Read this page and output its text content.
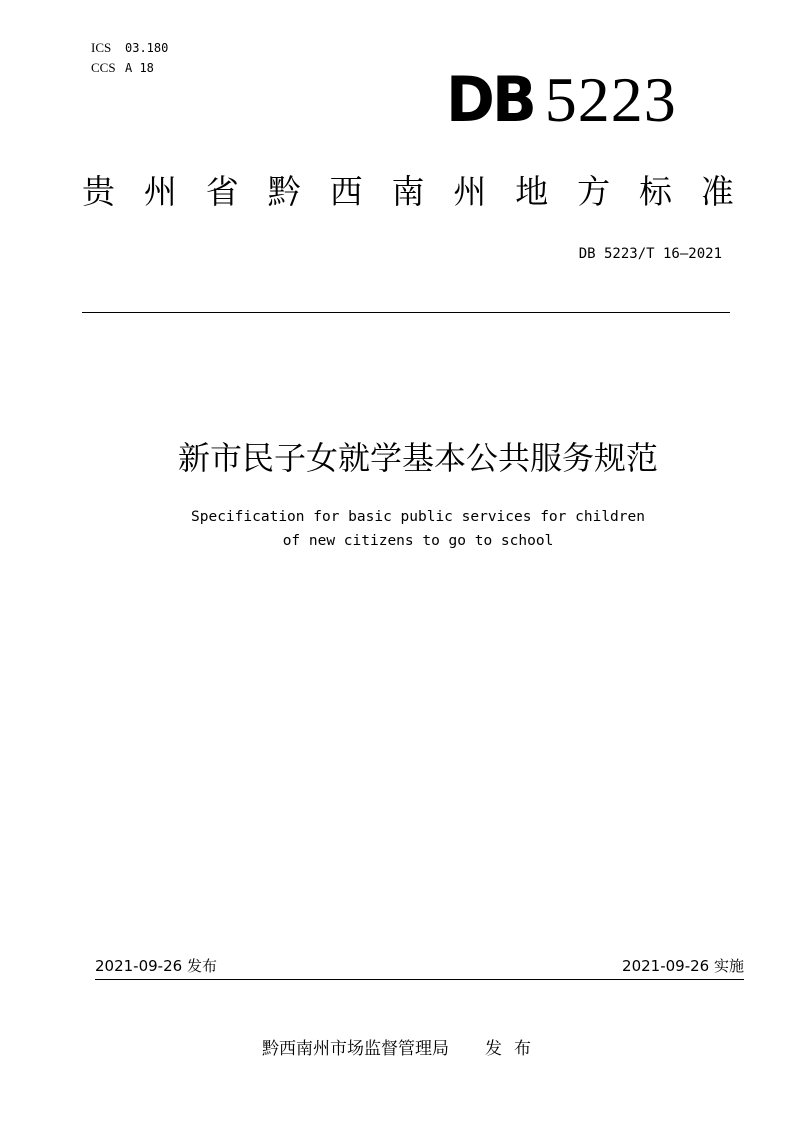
ICS 03.180
CCS A 18	DB 5223
贵 州 省 黔 西 南 州 地 方 标 准
DB 5223/T 16—2021
新市民子女就学基本公共服务规范
Specification for basic public services for children
of new citizens to go to school
2021-09-26 发布	2021-09-26 实施
黔西南州市场监督管理局 发布
